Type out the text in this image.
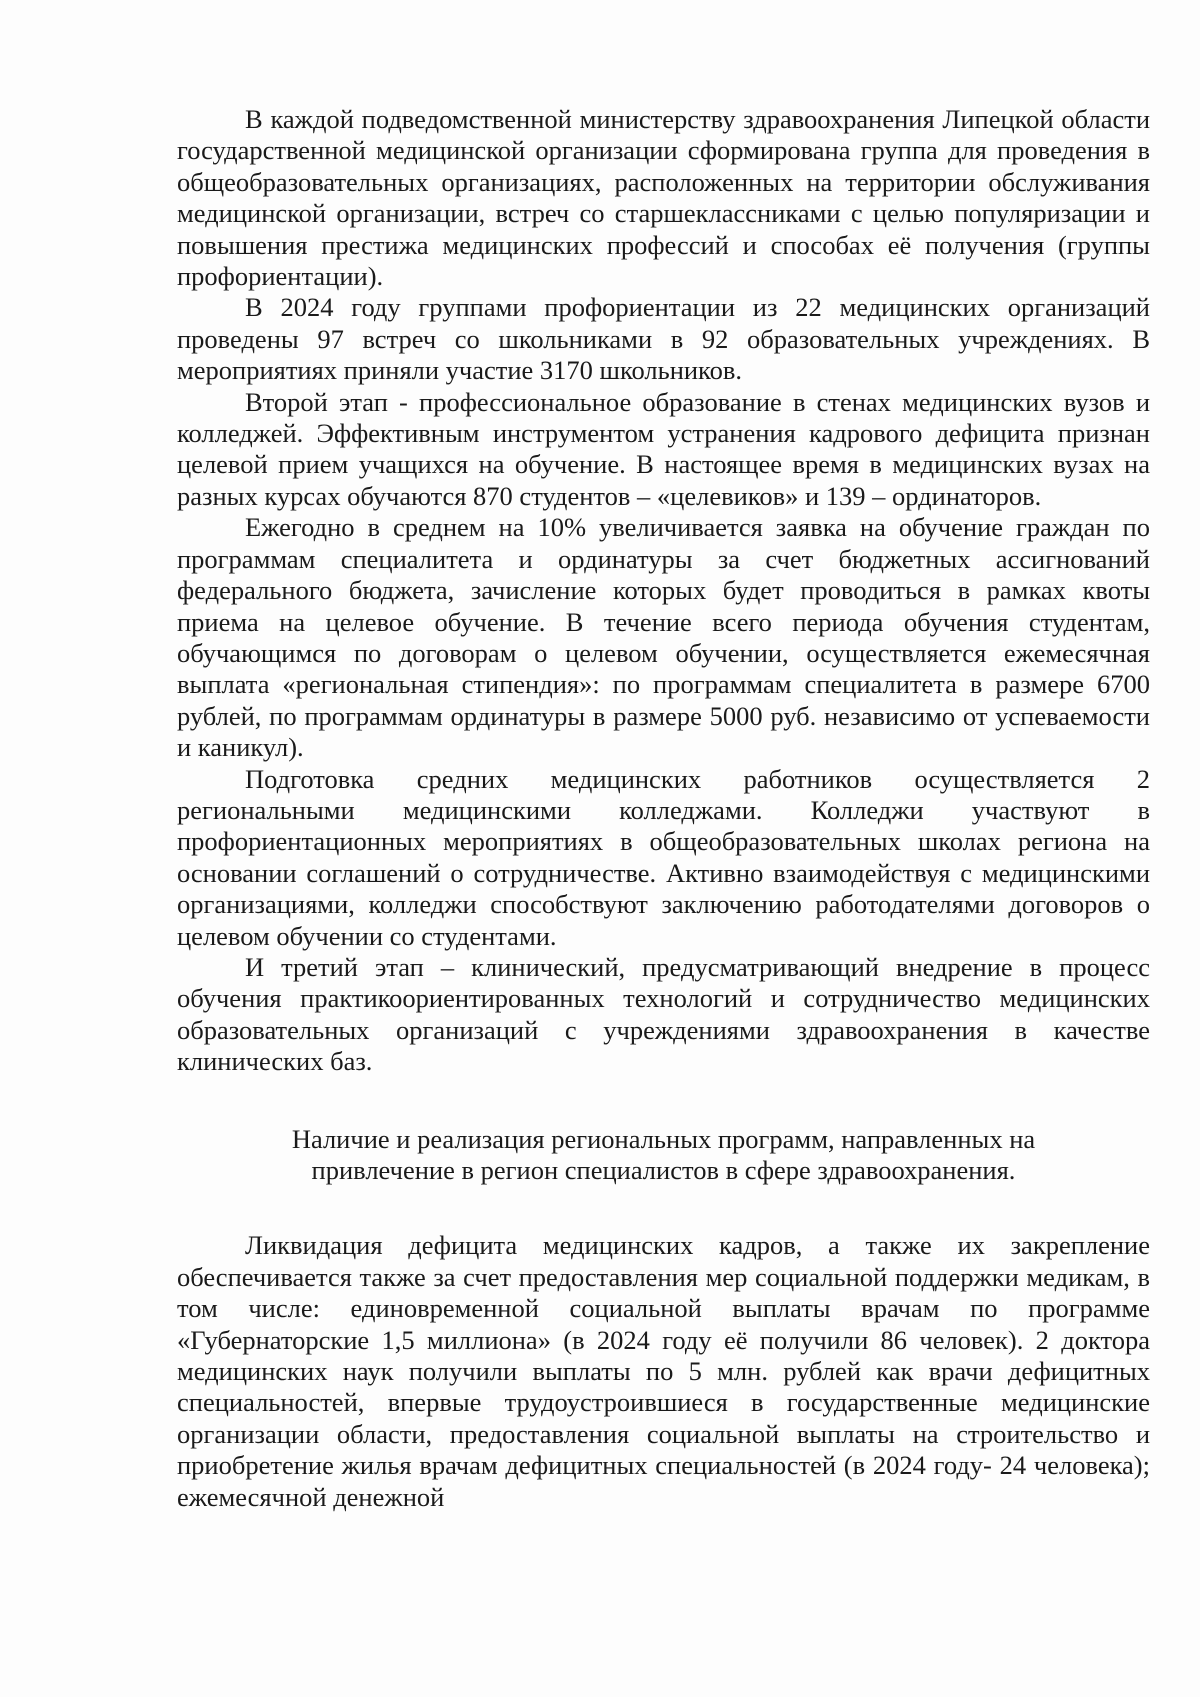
В каждой подведомственной министерству здравоохранения Липецкой области государственной медицинской организации сформирована группа для проведения в общеобразовательных организациях, расположенных на территории обслуживания медицинской организации, встреч со старшеклассниками с целью популяризации и повышения престижа медицинских профессий и способах её получения (группы профориентации).

В 2024 году группами профориентации из 22 медицинских организаций проведены 97 встреч со школьниками в 92 образовательных учреждениях. В мероприятиях приняли участие 3170 школьников.

Второй этап - профессиональное образование в стенах медицинских вузов и колледжей. Эффективным инструментом устранения кадрового дефицита признан целевой прием учащихся на обучение. В настоящее время в медицинских вузах на разных курсах обучаются 870 студентов – «целевиков» и 139 – ординаторов.

Ежегодно в среднем на 10% увеличивается заявка на обучение граждан по программам специалитета и ординатуры за счет бюджетных ассигнований федерального бюджета, зачисление которых будет проводиться в рамках квоты приема на целевое обучение. В течение всего периода обучения студентам, обучающимся по договорам о целевом обучении, осуществляется ежемесячная выплата «региональная стипендия»: по программам специалитета в размере 6700 рублей, по программам ординатуры в размере 5000 руб. независимо от успеваемости и каникул).

Подготовка средних медицинских работников осуществляется 2 региональными медицинскими колледжами. Колледжи участвуют в профориентационных мероприятиях в общеобразовательных школах региона на основании соглашений о сотрудничестве. Активно взаимодействуя с медицинскими организациями, колледжи способствуют заключению работодателями договоров о целевом обучении со студентами.

И третий этап – клинический, предусматривающий внедрение в процесс обучения практикоориентированных технологий и сотрудничество медицинских образовательных организаций с учреждениями здравоохранения в качестве клинических баз.

Наличие и реализация региональных программ, направленных на привлечение в регион специалистов в сфере здравоохранения.

Ликвидация дефицита медицинских кадров, а также их закрепление обеспечивается также за счет предоставления мер социальной поддержки медикам, в том числе: единовременной социальной выплаты врачам по программе «Губернаторские 1,5 миллиона» (в 2024 году её получили 86 человек). 2 доктора медицинских наук получили выплаты по 5 млн. рублей как врачи дефицитных специальностей, впервые трудоустроившиеся в государственные медицинские организации области, предоставления социальной выплаты на строительство и приобретение жилья врачам дефицитных специальностей (в 2024 году- 24 человека); ежемесячной денежной
